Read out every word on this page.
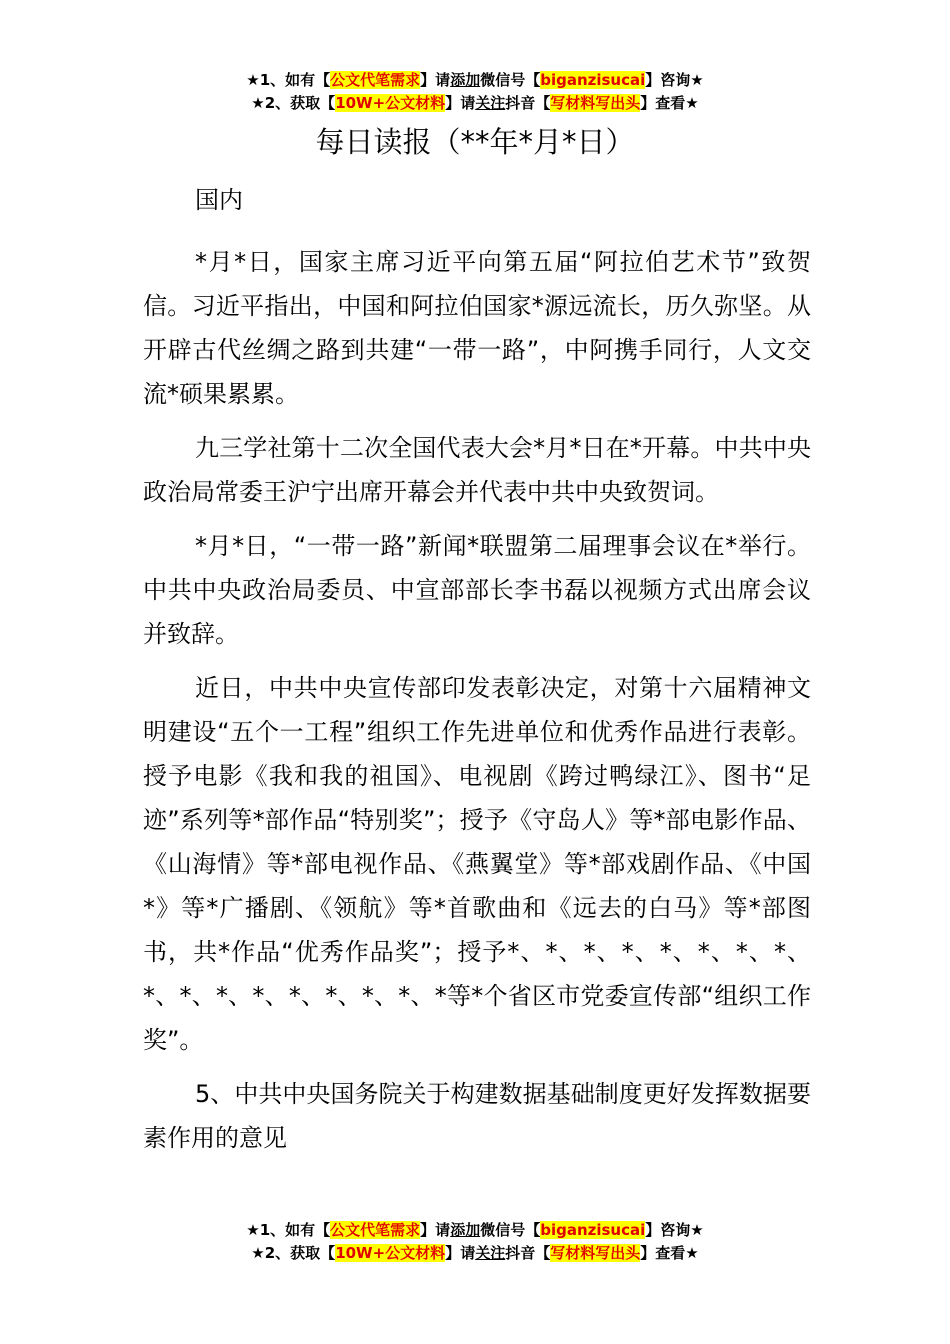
★1、如有【公文代笔需求】请添加微信号【biganzisucai】咨询★
★2、获取【10W+公文材料】请关注抖音【写材料写出头】查看★
每日读报（**年*月*日）

国内

*月*日，国家主席习近平向第五届“阿拉伯艺术节”致贺信。习近平指出，中国和阿拉伯国家*源远流长，历久弥坚。从开辟古代丝绸之路到共建“一带一路”，中阿携手同行，人文交流*硕果累累。

九三学社第十二次全国代表大会*月*日在*开幕。中共中央政治局常委王沪宁出席开幕会并代表中共中央致贺词。

*月*日，“一带一路”新闻*联盟第二届理事会议在*举行。中共中央政治局委员、中宣部部长李书磊以视频方式出席会议并致辞。

近日，中共中央宣传部印发表彰决定，对第十六届精神文明建设“五个一工程”组织工作先进单位和优秀作品进行表彰。授予电影《我和我的祖国》、电视剧《跨过鸭绿江》、图书“足迹”系列等*部作品“特别奖”；授予《守岛人》等*部电影作品、《山海情》等*部电视作品、《燕翼堂》等*部戏剧作品、《中国*》等*广播剧、《领航》等*首歌曲和《远去的白马》等*部图书，共*作品“优秀作品奖”；授予*、*、*、*、*、*、*、*、*、*、*、*、*、*、*、*、*等*个省区市党委宣传部“组织工作奖”。

5、中共中央国务院关于构建数据基础制度更好发挥数据要素作用的意见

★1、如有【公文代笔需求】请添加微信号【biganzisucai】咨询★
★2、获取【10W+公文材料】请关注抖音【写材料写出头】查看★
